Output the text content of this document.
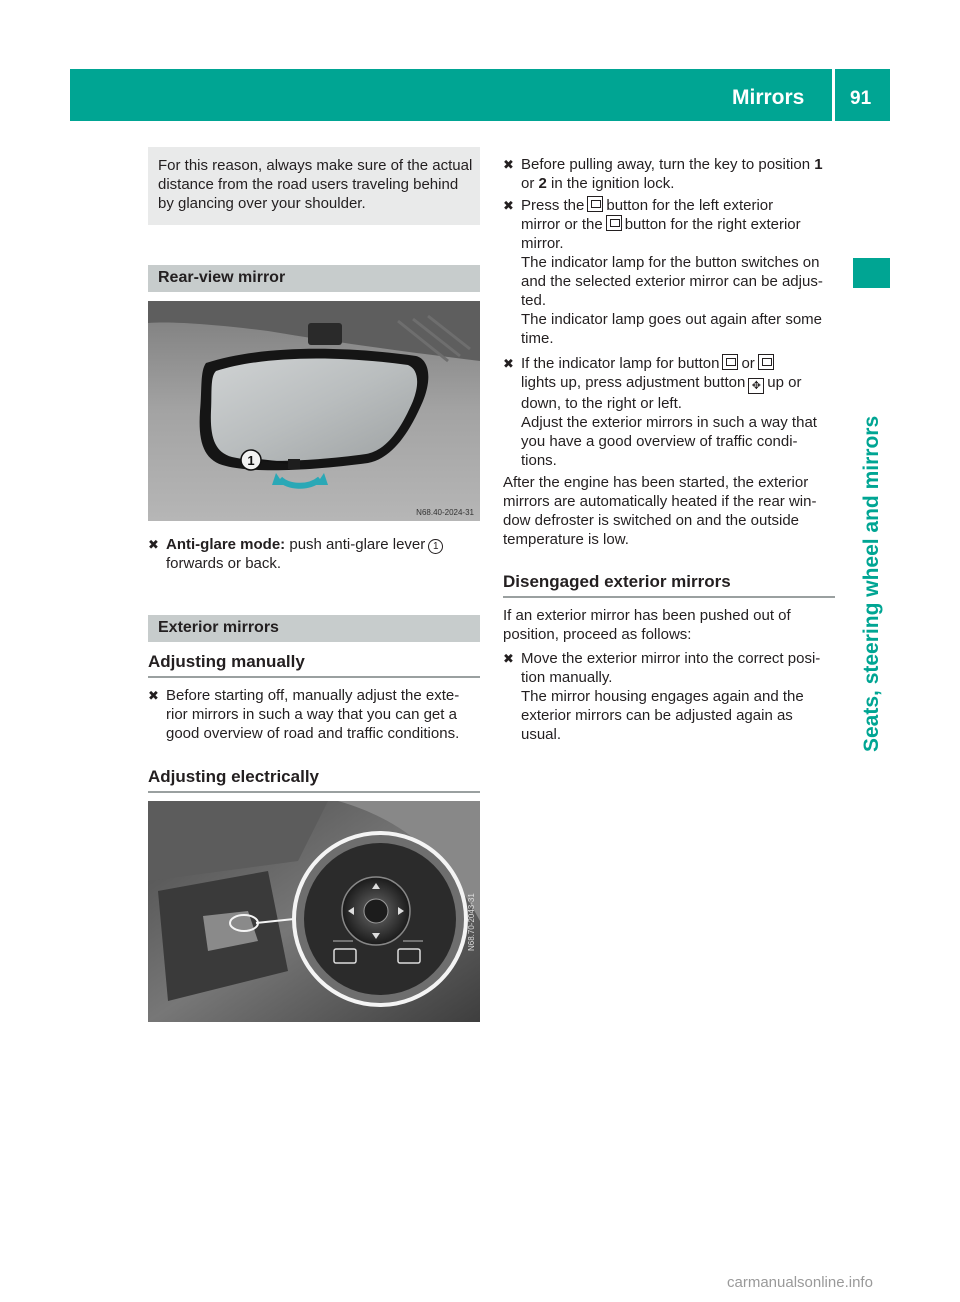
Mirrors 91
Seats, steering wheel and mirrors
For this reason, always make sure of the actual distance from the road users traveling behind by glancing over your shoulder.
Rear-view mirror
1
N68.40-2024-31
✖ Anti-glare mode: push anti-glare lever 1
forwards or back.
Exterior mirrors
Adjusting manually
✖ Before starting off, manually adjust the exte-
rior mirrors in such a way that you can get a
good overview of road and traffic conditions.
Adjusting electrically
N68.70-2043-31
✖ Before pulling away, turn the key to position 1
or 2 in the ignition lock.
✖ Press the button for the left exterior
mirror or the button for the right exterior
mirror.
The indicator lamp for the button switches on
and the selected exterior mirror can be adjus-
ted.
The indicator lamp goes out again after some
time.
✖ If the indicator lamp for button or
lights up, press adjustment button ✥ up or
down, to the right or left.
Adjust the exterior mirrors in such a way that
you have a good overview of traffic condi-
tions.
After the engine has been started, the exterior
mirrors are automatically heated if the rear win-
dow defroster is switched on and the outside
temperature is low.
Disengaged exterior mirrors
If an exterior mirror has been pushed out of
position, proceed as follows:
✖ Move the exterior mirror into the correct posi-
tion manually.
The mirror housing engages again and the
exterior mirrors can be adjusted again as
usual.
carmanualsonline.info
